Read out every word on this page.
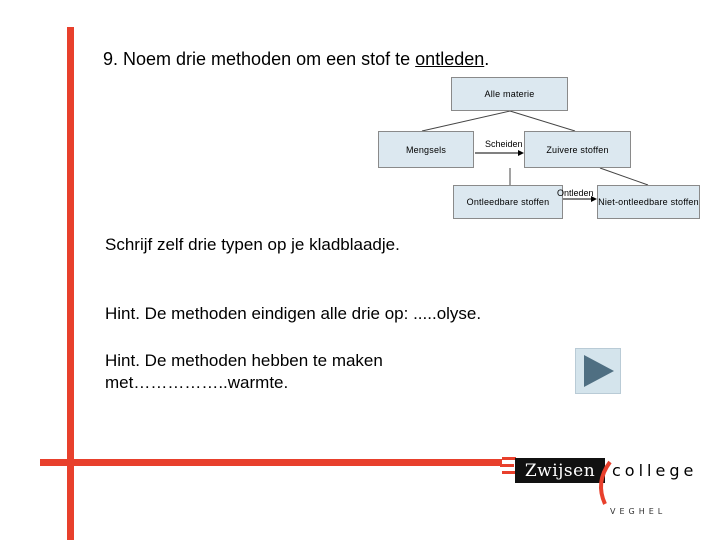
9. Noem drie methoden om een stof te ontleden.
Alle materie
Mengsels	Zuivere stoffen
Ontleedbare stoffen	Niet-ontleedbare stoffen
Scheiden
Ontleden
Schrijf zelf drie typen op je kladblaadje.
Hint. De methoden eindigen alle drie op: .....olyse.
Hint. De methoden hebben te maken
met……………..warmte.
Zwijsen	college
VEGHEL
